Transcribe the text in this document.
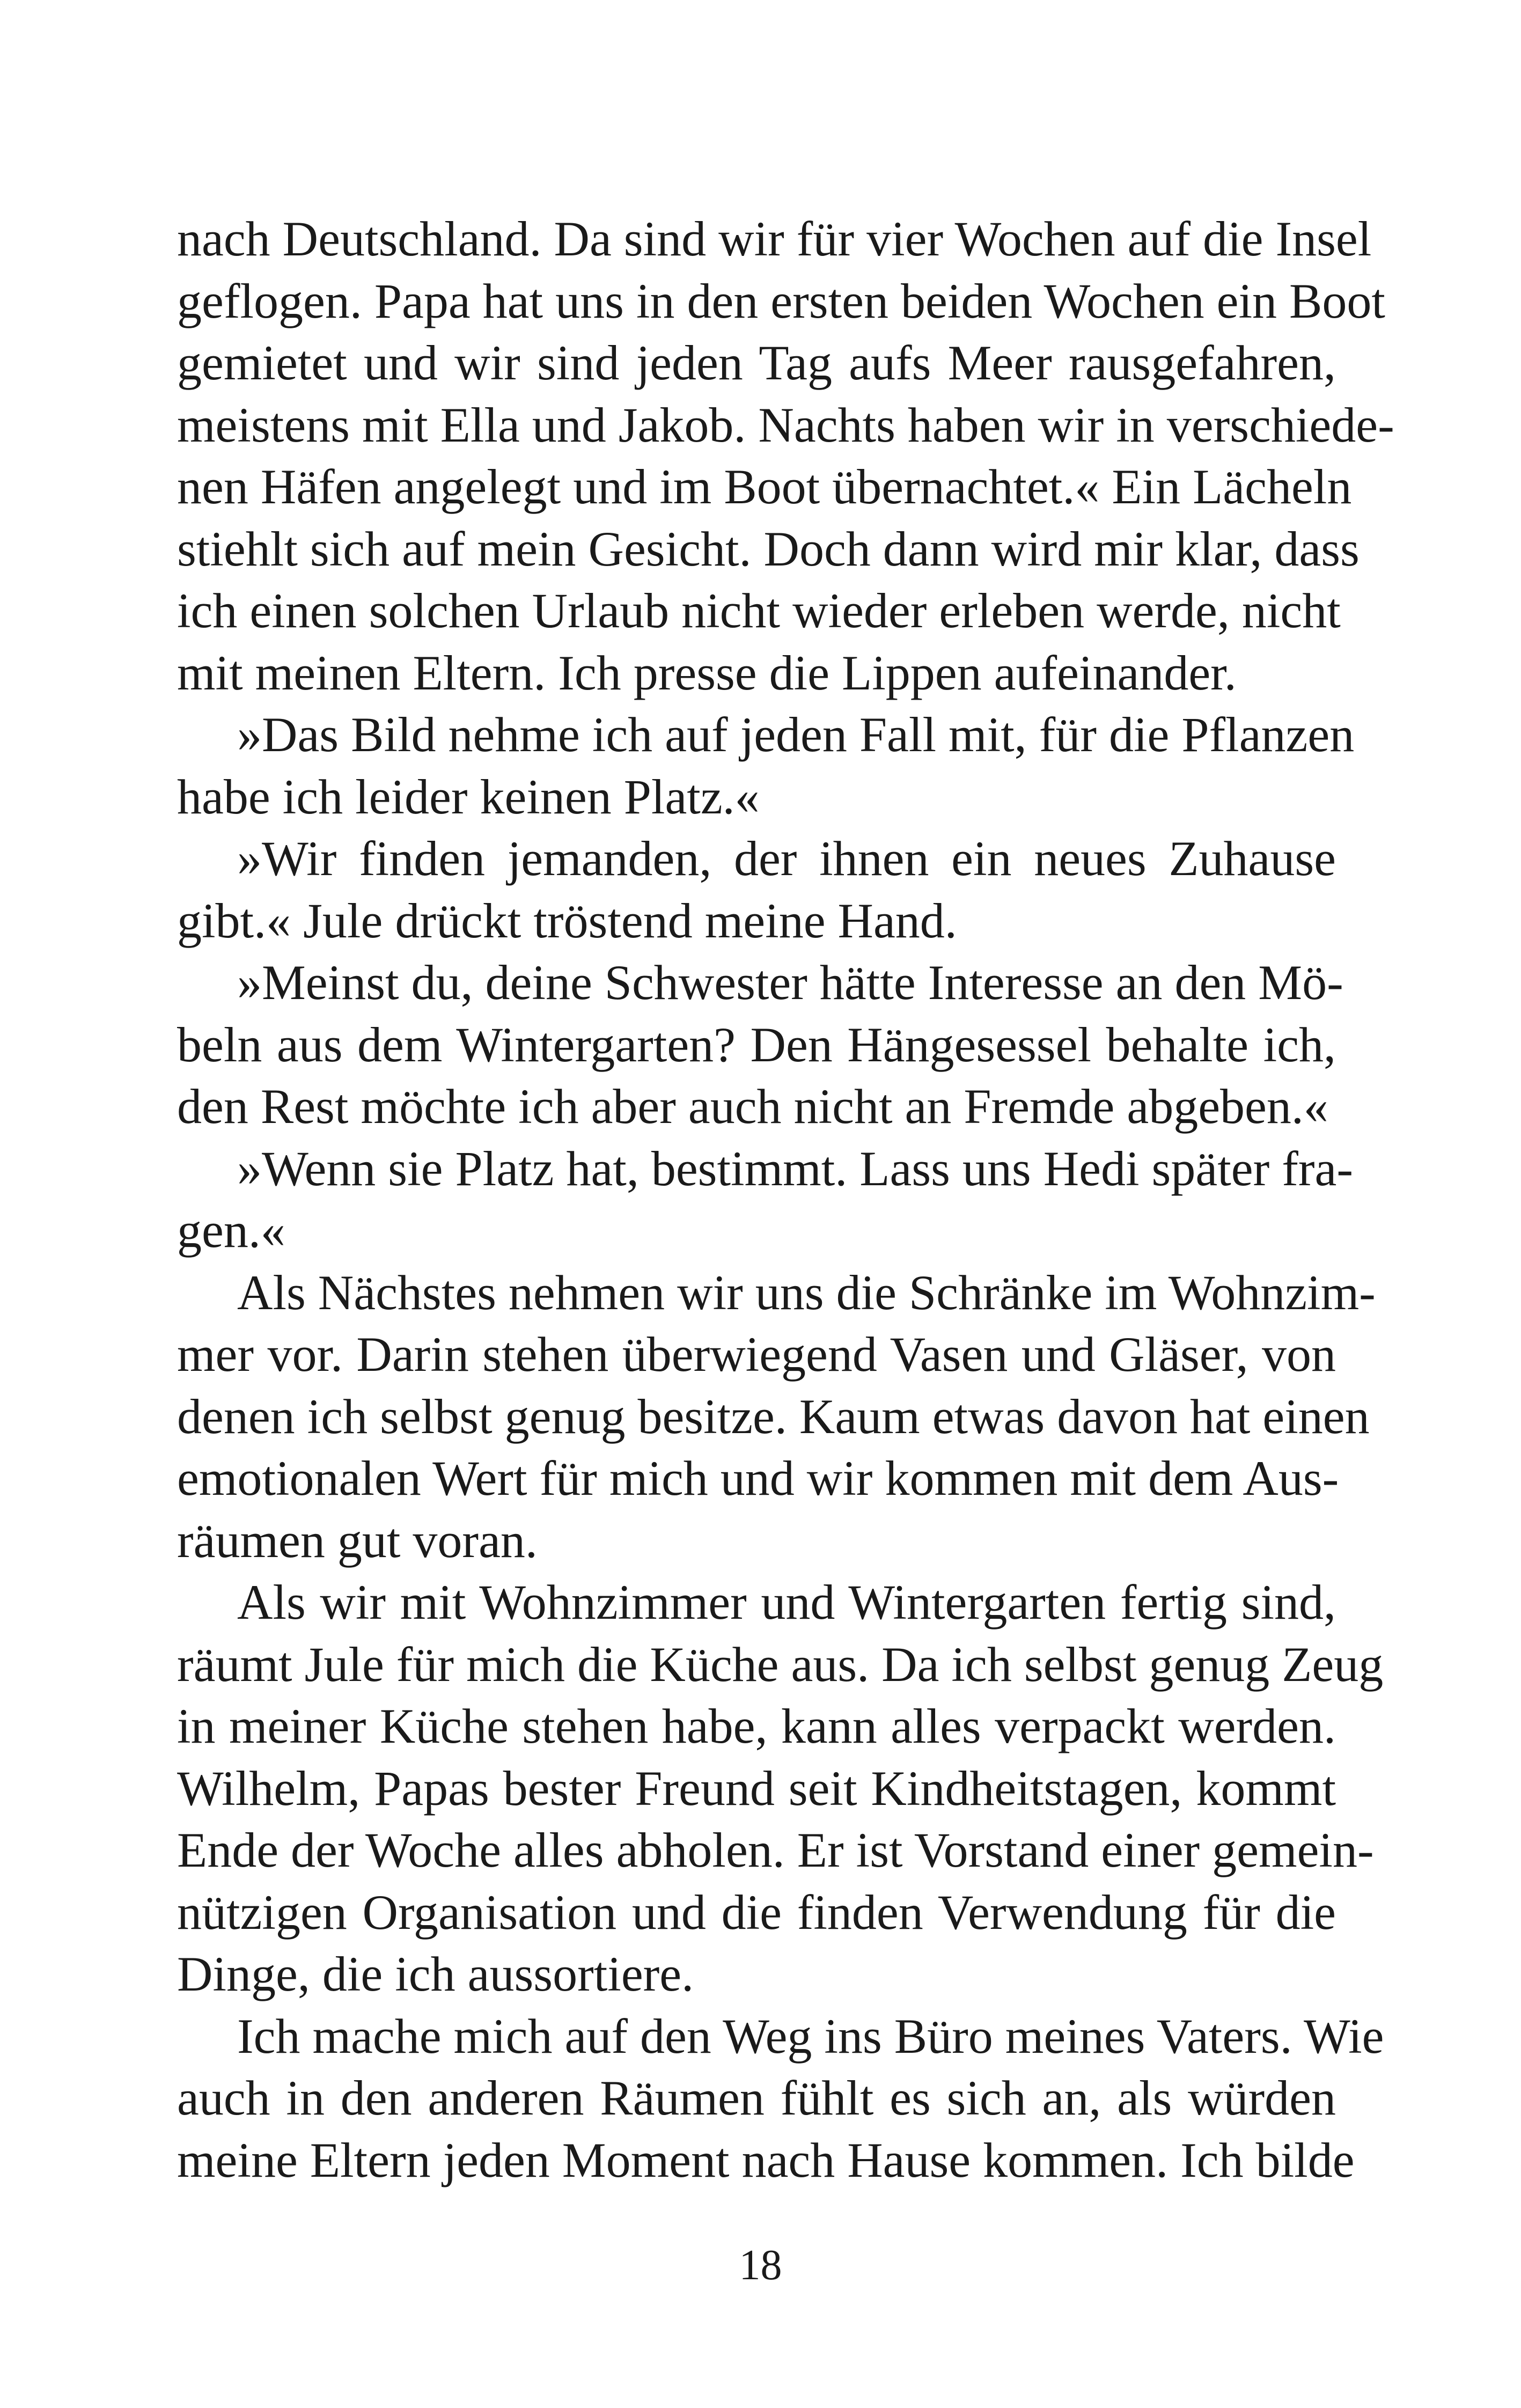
nach Deutschland. Da sind wir für vier Wochen auf die Insel
geflogen. Papa hat uns in den ersten beiden Wochen ein Boot
gemietet und wir sind jeden Tag aufs Meer rausgefahren,
meistens mit Ella und Jakob. Nachts haben wir in verschiede-
nen Häfen angelegt und im Boot übernachtet.« Ein Lächeln
stiehlt sich auf mein Gesicht. Doch dann wird mir klar, dass
ich einen solchen Urlaub nicht wieder erleben werde, nicht
mit meinen Eltern. Ich presse die Lippen aufeinander.
»Das Bild nehme ich auf jeden Fall mit, für die Pflanzen
habe ich leider keinen Platz.«
»Wir finden jemanden, der ihnen ein neues Zuhause
gibt.« Jule drückt tröstend meine Hand.
»Meinst du, deine Schwester hätte Interesse an den Mö-
beln aus dem Wintergarten? Den Hängesessel behalte ich,
den Rest möchte ich aber auch nicht an Fremde abgeben.«
»Wenn sie Platz hat, bestimmt. Lass uns Hedi später fra-
gen.«
Als Nächstes nehmen wir uns die Schränke im Wohnzim-
mer vor. Darin stehen überwiegend Vasen und Gläser, von
denen ich selbst genug besitze. Kaum etwas davon hat einen
emotionalen Wert für mich und wir kommen mit dem Aus-
räumen gut voran.
Als wir mit Wohnzimmer und Wintergarten fertig sind,
räumt Jule für mich die Küche aus. Da ich selbst genug Zeug
in meiner Küche stehen habe, kann alles verpackt werden.
Wilhelm, Papas bester Freund seit Kindheitstagen, kommt
Ende der Woche alles abholen. Er ist Vorstand einer gemein-
nützigen Organisation und die finden Verwendung für die
Dinge, die ich aussortiere.
Ich mache mich auf den Weg ins Büro meines Vaters. Wie
auch in den anderen Räumen fühlt es sich an, als würden
meine Eltern jeden Moment nach Hause kommen. Ich bilde
18
